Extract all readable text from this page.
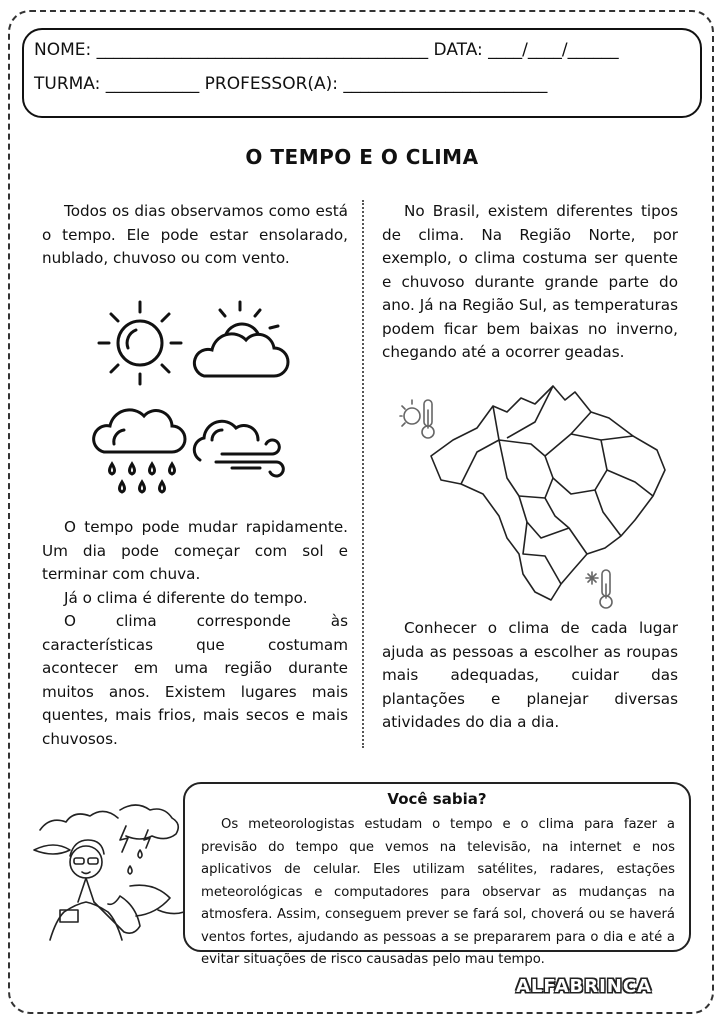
NOME: _______________________________________ DATA: ____/____/______
TURMA: ___________ PROFESSOR(A): ________________________
O TEMPO E O CLIMA

Todos os dias observamos como está o tempo. Ele pode estar ensolarado, nublado, chuvoso ou com vento.

O tempo pode mudar rapidamente. Um dia pode começar com sol e terminar com chuva.

Já o clima é diferente do tempo.

O clima corresponde às características que costumam acontecer em uma região durante muitos anos. Existem lugares mais quentes, mais frios, mais secos e mais chuvosos.

No Brasil, existem diferentes tipos de clima. Na Região Norte, por exemplo, o clima costuma ser quente e chuvoso durante grande parte do ano. Já na Região Sul, as temperaturas podem ficar bem baixas no inverno, chegando até a ocorrer geadas.

Conhecer o clima de cada lugar ajuda as pessoas a escolher as roupas mais adequadas, cuidar das plantações e planejar diversas atividades do dia a dia.

Você sabia?

Os meteorologistas estudam o tempo e o clima para fazer a previsão do tempo que vemos na televisão, na internet e nos aplicativos de celular. Eles utilizam satélites, radares, estações meteorológicas e computadores para observar as mudanças na atmosfera. Assim, conseguem prever se fará sol, choverá ou se haverá ventos fortes, ajudando as pessoas a se prepararem para o dia e até a evitar situações de risco causadas pelo mau tempo.

ALFABRINCA
